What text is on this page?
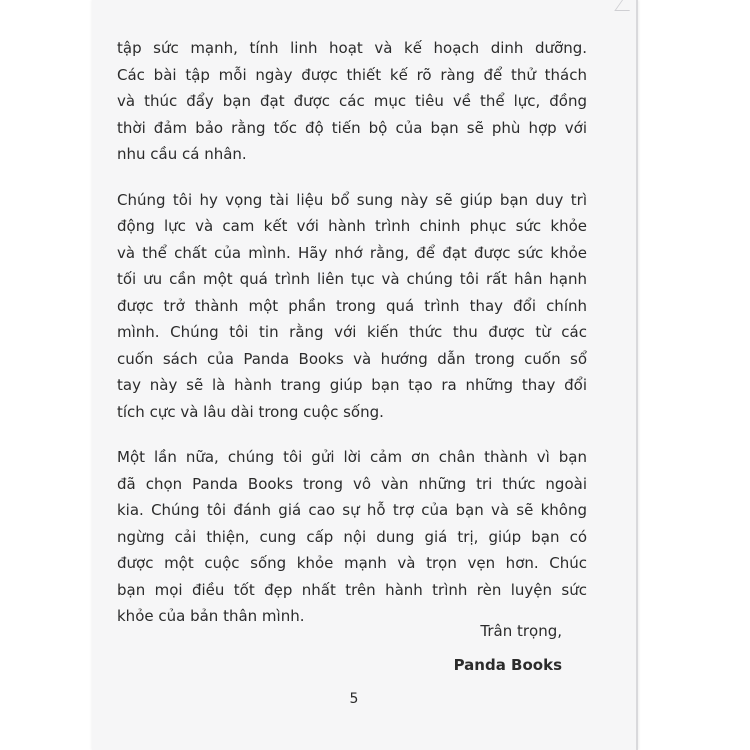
tập sức mạnh, tính linh hoạt và kế hoạch dinh dưỡng.
Các bài tập mỗi ngày được thiết kế rõ ràng để thử thách
và thúc đẩy bạn đạt được các mục tiêu về thể lực, đồng
thời đảm bảo rằng tốc độ tiến bộ của bạn sẽ phù hợp với
nhu cầu cá nhân.

Chúng tôi hy vọng tài liệu bổ sung này sẽ giúp bạn duy trì
động lực và cam kết với hành trình chinh phục sức khỏe
và thể chất của mình. Hãy nhớ rằng, để đạt được sức khỏe
tối ưu cần một quá trình liên tục và chúng tôi rất hân hạnh
được trở thành một phần trong quá trình thay đổi chính
mình. Chúng tôi tin rằng với kiến thức thu được từ các
cuốn sách của Panda Books và hướng dẫn trong cuốn sổ
tay này sẽ là hành trang giúp bạn tạo ra những thay đổi
tích cực và lâu dài trong cuộc sống.

Một lần nữa, chúng tôi gửi lời cảm ơn chân thành vì bạn
đã chọn Panda Books trong vô vàn những tri thức ngoài
kia. Chúng tôi đánh giá cao sự hỗ trợ của bạn và sẽ không
ngừng cải thiện, cung cấp nội dung giá trị, giúp bạn có
được một cuộc sống khỏe mạnh và trọn vẹn hơn. Chúc
bạn mọi điều tốt đẹp nhất trên hành trình rèn luyện sức
khỏe của bản thân mình.

Trân trọng,
Panda Books
5
